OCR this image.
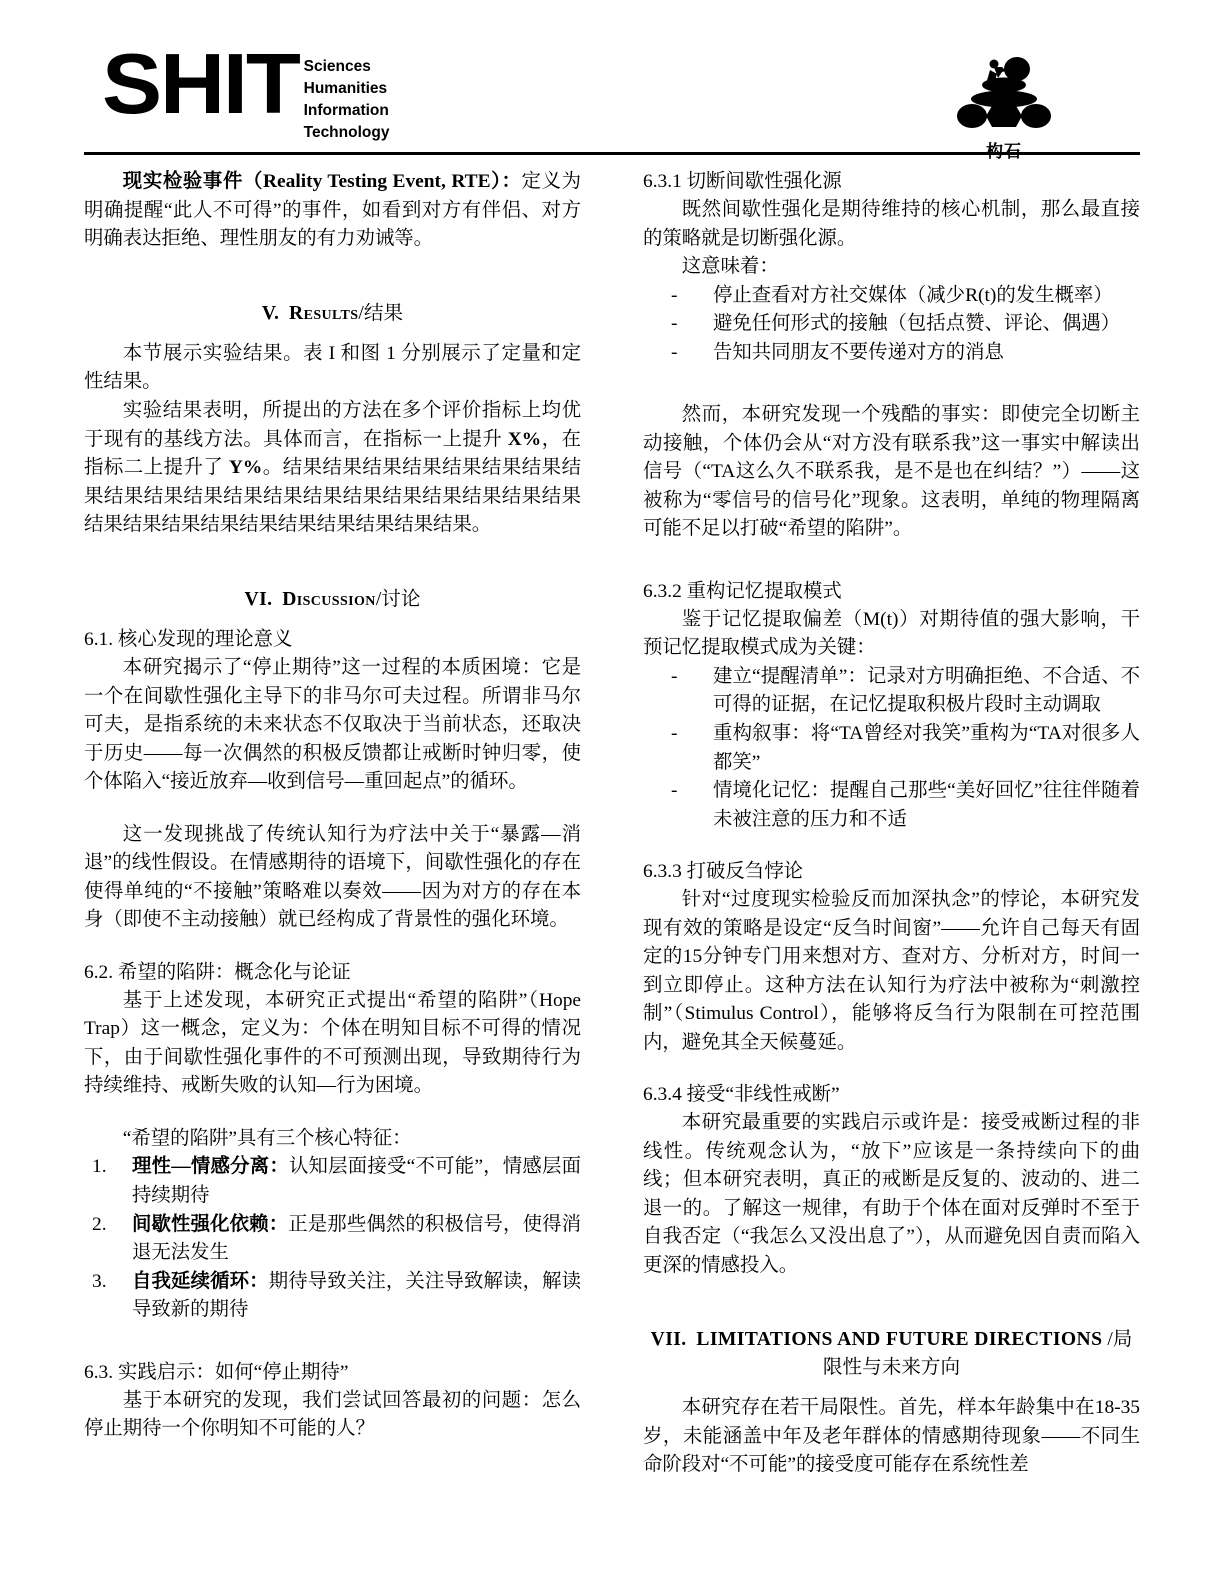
SHIT Sciences
Humanities
Information
Technology

现实检验事件（Reality Testing Event, RTE）：定义为明确提醒“此人不可得”的事件，如看到对方有伴侣、对方明确表达拒绝、理性朋友的有力劝诫等。

V. Results/结果

本节展示实验结果。表 I 和图 1 分别展示了定量和定性结果。

实验结果表明，所提出的方法在多个评价指标上均优于现有的基线方法。具体而言，在指标一上提升 X%，在指标二上提升了 Y%。结果结果结果结果结果结果结果结果结果结果结果结果结果结果结果结果结果结果结果结果结果结果结果结果结果结果结果结果结果结果。

VI. Discussion/讨论

6.1. 核心发现的理论意义

本研究揭示了“停止期待”这一过程的本质困境：它是一个在间歇性强化主导下的非马尔可夫过程。所谓非马尔可夫，是指系统的未来状态不仅取决于当前状态，还取决于历史——每一次偶然的积极反馈都让戒断时钟归零，使个体陷入“接近放弃—收到信号—重回起点”的循环。

这一发现挑战了传统认知行为疗法中关于“暴露—消退”的线性假设。在情感期待的语境下，间歇性强化的存在使得单纯的“不接触”策略难以奏效——因为对方的存在本身（即使不主动接触）就已经构成了背景性的强化环境。

6.2. 希望的陷阱：概念化与论证

基于上述发现，本研究正式提出“希望的陷阱”（Hope Trap）这一概念，定义为：个体在明知目标不可得的情况下，由于间歇性强化事件的不可预测出现，导致期待行为持续维持、戒断失败的认知—行为困境。

“希望的陷阱”具有三个核心特征：

1.	理性—情感分离：认知层面接受“不可能”，情感层面持续期待
2.	间歇性强化依赖：正是那些偶然的积极信号，使得消退无法发生
3.	自我延续循环：期待导致关注，关注导致解读，解读导致新的期待

6.3. 实践启示：如何“停止期待”

基于本研究的发现，我们尝试回答最初的问题：怎么停止期待一个你明知不可能的人？

6.3.1 切断间歇性强化源

既然间歇性强化是期待维持的核心机制，那么最直接的策略就是切断强化源。

这意味着：

- 停止查看对方社交媒体（减少R(t)的发生概率）
- 避免任何形式的接触（包括点赞、评论、偶遇）
- 告知共同朋友不要传递对方的消息

然而，本研究发现一个残酷的事实：即使完全切断主动接触，个体仍会从“对方没有联系我”这一事实中解读出信号（“TA这么久不联系我，是不是也在纠结？”）——这被称为“零信号的信号化”现象。这表明，单纯的物理隔离可能不足以打破“希望的陷阱”。

6.3.2 重构记忆提取模式

鉴于记忆提取偏差（M(t)）对期待值的强大影响，干预记忆提取模式成为关键：

- 建立“提醒清单”：记录对方明确拒绝、不合适、不可得的证据，在记忆提取积极片段时主动调取
- 重构叙事：将“TA曾经对我笑”重构为“TA对很多人都笑”
- 情境化记忆：提醒自己那些“美好回忆”往往伴随着未被注意的压力和不适

6.3.3 打破反刍悖论

针对“过度现实检验反而加深执念”的悖论，本研究发现有效的策略是设定“反刍时间窗”——允许自己每天有固定的15分钟专门用来想对方、查对方、分析对方，时间一到立即停止。这种方法在认知行为疗法中被称为“刺激控制”（Stimulus Control），能够将反刍行为限制在可控范围内，避免其全天候蔓延。

6.3.4 接受“非线性戒断”

本研究最重要的实践启示或许是：接受戒断过程的非线性。传统观念认为，“放下”应该是一条持续向下的曲线；但本研究表明，真正的戒断是反复的、波动的、进二退一的。了解这一规律，有助于个体在面对反弹时不至于自我否定（“我怎么又没出息了”），从而避免因自责而陷入更深的情感投入。

VII. LIMITATIONS AND FUTURE DIRECTIONS /局限性与未来方向

本研究存在若干局限性。首先，样本年龄集中在18-35岁，未能涵盖中年及老年群体的情感期待现象——不同生命阶段对“不可能”的接受度可能存在系统性差
